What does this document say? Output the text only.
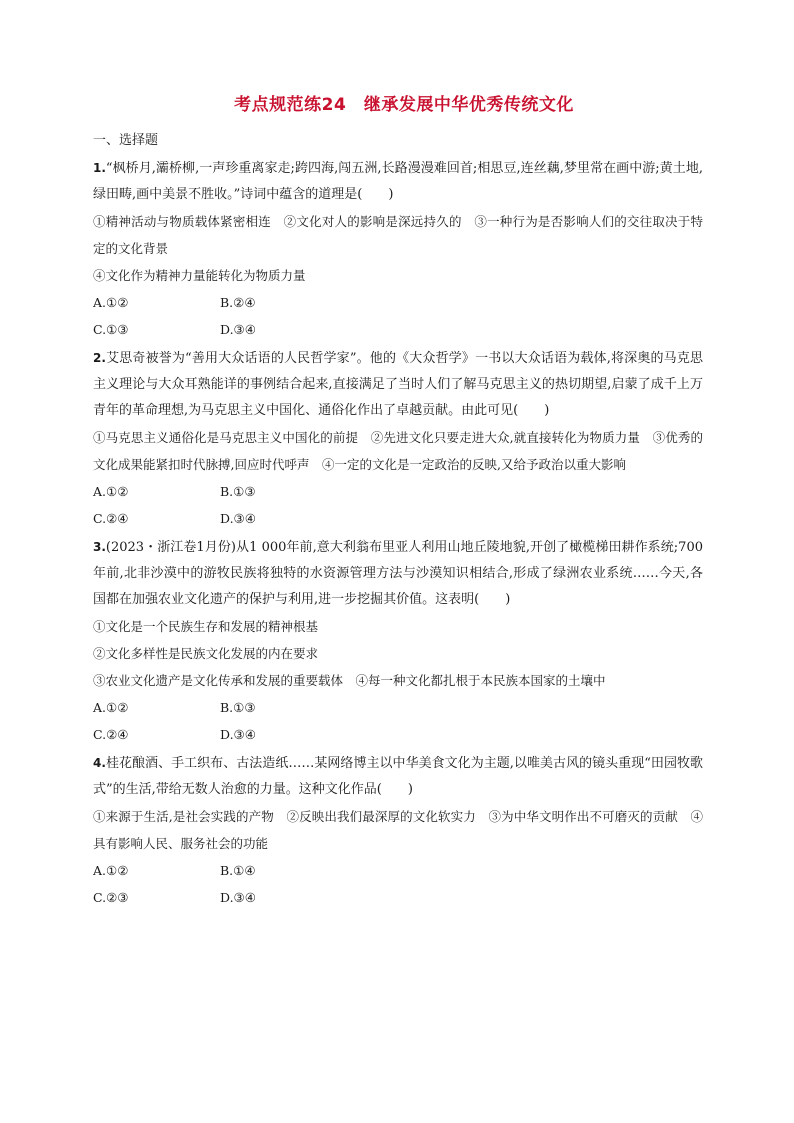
考点规范练24　继承发展中华优秀传统文化
一、选择题

1.“枫桥月,灞桥柳,一声珍重离家走;跨四海,闯五洲,长路漫漫难回首;相思豆,连丝藕,梦里常在画中游;黄土地,绿田畴,画中美景不胜收。”诗词中蕴含的道理是(　　)

①精神活动与物质载体紧密相连　②文化对人的影响是深远持久的　③一种行为是否影响人们的交往取决于特定的文化背景

④文化作为精神力量能转化为物质力量

A.①②	B.②④
C.①③	D.③④

2.艾思奇被誉为“善用大众话语的人民哲学家”。他的《大众哲学》一书以大众话语为载体,将深奥的马克思主义理论与大众耳熟能详的事例结合起来,直接满足了当时人们了解马克思主义的热切期望,启蒙了成千上万青年的革命理想,为马克思主义中国化、通俗化作出了卓越贡献。由此可见(　　)

①马克思主义通俗化是马克思主义中国化的前提　②先进文化只要走进大众,就直接转化为物质力量　③优秀的文化成果能紧扣时代脉搏,回应时代呼声　④一定的文化是一定政治的反映,又给予政治以重大影响

A.①②	B.①③
C.②④	D.③④

3.(2023・浙江卷1月份)从1 000年前,意大利翁布里亚人利用山地丘陵地貌,开创了橄榄梯田耕作系统;700年前,北非沙漠中的游牧民族将独特的水资源管理方法与沙漠知识相结合,形成了绿洲农业系统……今天,各国都在加强农业文化遗产的保护与利用,进一步挖掘其价值。这表明(　　)

①文化是一个民族生存和发展的精神根基

②文化多样性是民族文化发展的内在要求

③农业文化遗产是文化传承和发展的重要载体　④每一种文化都扎根于本民族本国家的土壤中

A.①②	B.①③
C.②④	D.③④

4.桂花酿酒、手工织布、古法造纸……某网络博主以中华美食文化为主题,以唯美古风的镜头重现“田园牧歌式”的生活,带给无数人治愈的力量。这种文化作品(　　)

①来源于生活,是社会实践的产物　②反映出我们最深厚的文化软实力　③为中华文明作出不可磨灭的贡献　④具有影响人民、服务社会的功能

A.①②	B.①④
C.②③	D.③④
